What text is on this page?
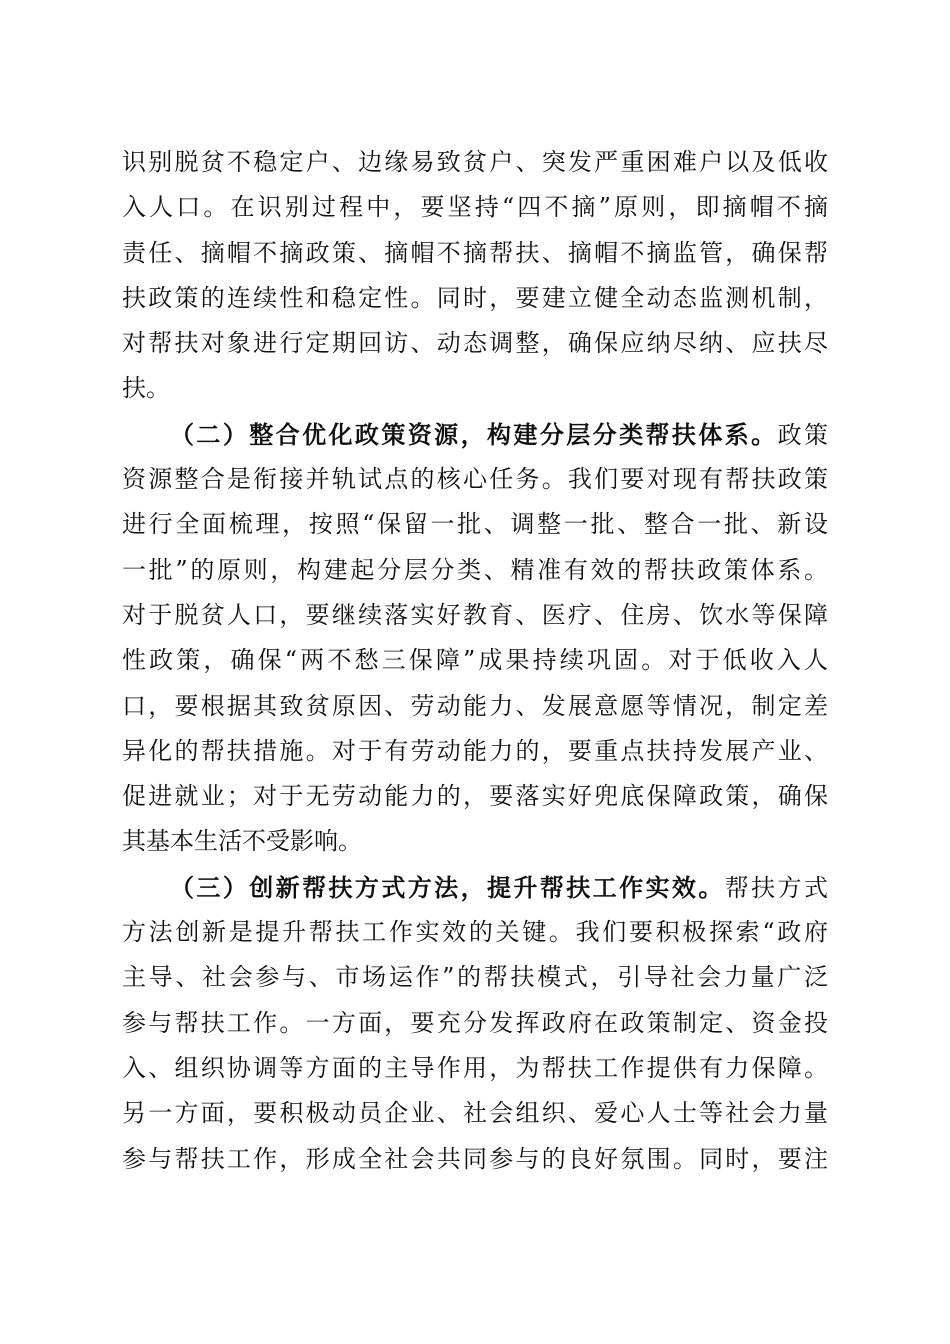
识别脱贫不稳定户、边缘易致贫户、突发严重困难户以及低收
入人口。在识别过程中，要坚持“四不摘”原则，即摘帽不摘
责任、摘帽不摘政策、摘帽不摘帮扶、摘帽不摘监管，确保帮
扶政策的连续性和稳定性。同时，要建立健全动态监测机制，
对帮扶对象进行定期回访、动态调整，确保应纳尽纳、应扶尽
扶。
（二）整合优化政策资源，构建分层分类帮扶体系。政策
资源整合是衔接并轨试点的核心任务。我们要对现有帮扶政策
进行全面梳理，按照“保留一批、调整一批、整合一批、新设
一批”的原则，构建起分层分类、精准有效的帮扶政策体系。
对于脱贫人口，要继续落实好教育、医疗、住房、饮水等保障
性政策，确保“两不愁三保障”成果持续巩固。对于低收入人
口，要根据其致贫原因、劳动能力、发展意愿等情况，制定差
异化的帮扶措施。对于有劳动能力的，要重点扶持发展产业、
促进就业；对于无劳动能力的，要落实好兜底保障政策，确保
其基本生活不受影响。
（三）创新帮扶方式方法，提升帮扶工作实效。帮扶方式
方法创新是提升帮扶工作实效的关键。我们要积极探索“政府
主导、社会参与、市场运作”的帮扶模式，引导社会力量广泛
参与帮扶工作。一方面，要充分发挥政府在政策制定、资金投
入、组织协调等方面的主导作用，为帮扶工作提供有力保障。
另一方面，要积极动员企业、社会组织、爱心人士等社会力量
参与帮扶工作，形成全社会共同参与的良好氛围。同时，要注
